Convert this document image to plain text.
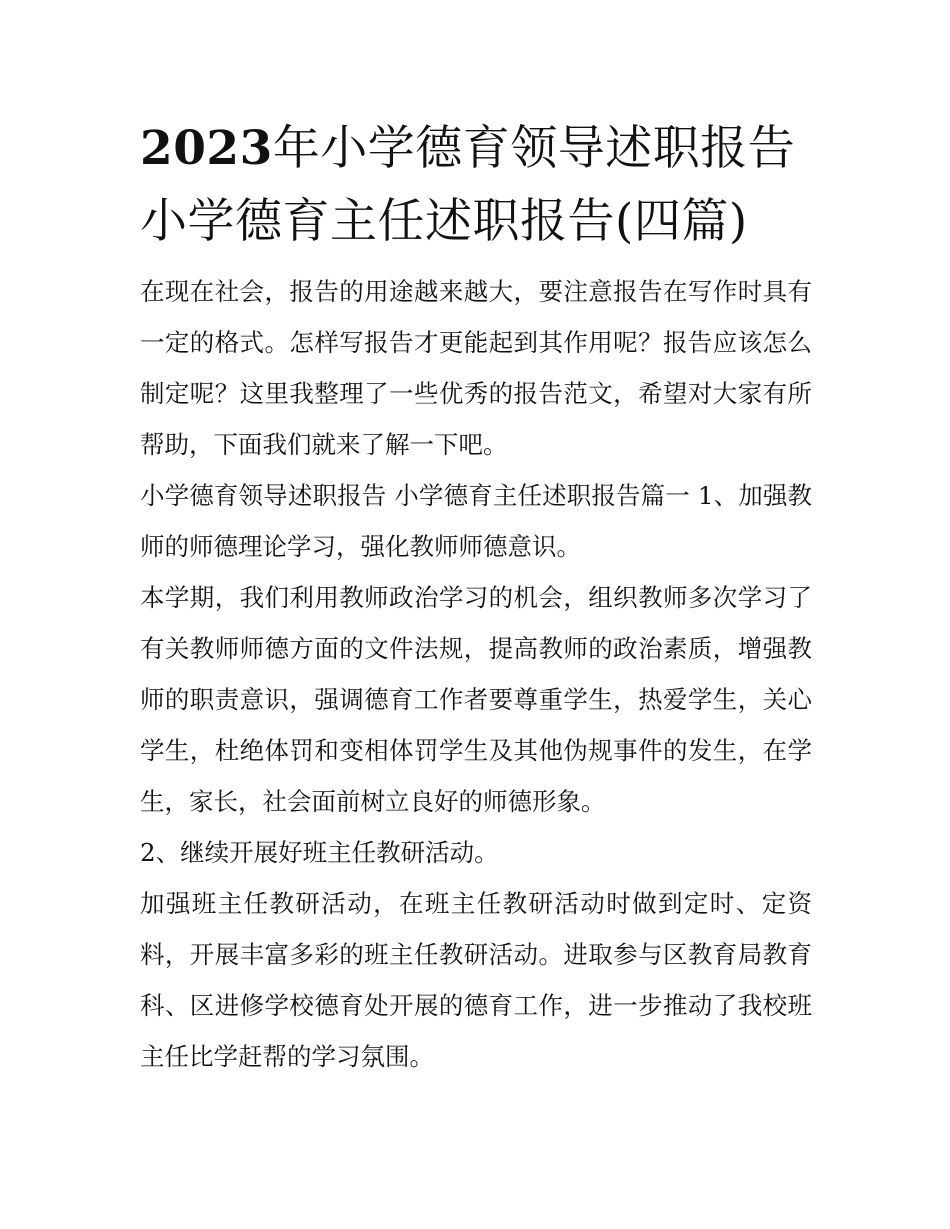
2023年小学德育领导述职报告
小学德育主任述职报告(四篇)

在现在社会，报告的用途越来越大，要注意报告在写作时具有一定的格式。怎样写报告才更能起到其作用呢？报告应该怎么制定呢？这里我整理了一些优秀的报告范文，希望对大家有所帮助，下面我们就来了解一下吧。

小学德育领导述职报告 小学德育主任述职报告篇一 1、加强教师的师德理论学习，强化教师师德意识。

本学期，我们利用教师政治学习的机会，组织教师多次学习了有关教师师德方面的文件法规，提高教师的政治素质，增强教师的职责意识，强调德育工作者要尊重学生，热爱学生，关心学生，杜绝体罚和变相体罚学生及其他伪规事件的发生，在学生，家长，社会面前树立良好的师德形象。

2、继续开展好班主任教研活动。

加强班主任教研活动，在班主任教研活动时做到定时、定资料，开展丰富多彩的班主任教研活动。进取参与区教育局教育科、区进修学校德育处开展的德育工作，进一步推动了我校班主任比学赶帮的学习氛围。
